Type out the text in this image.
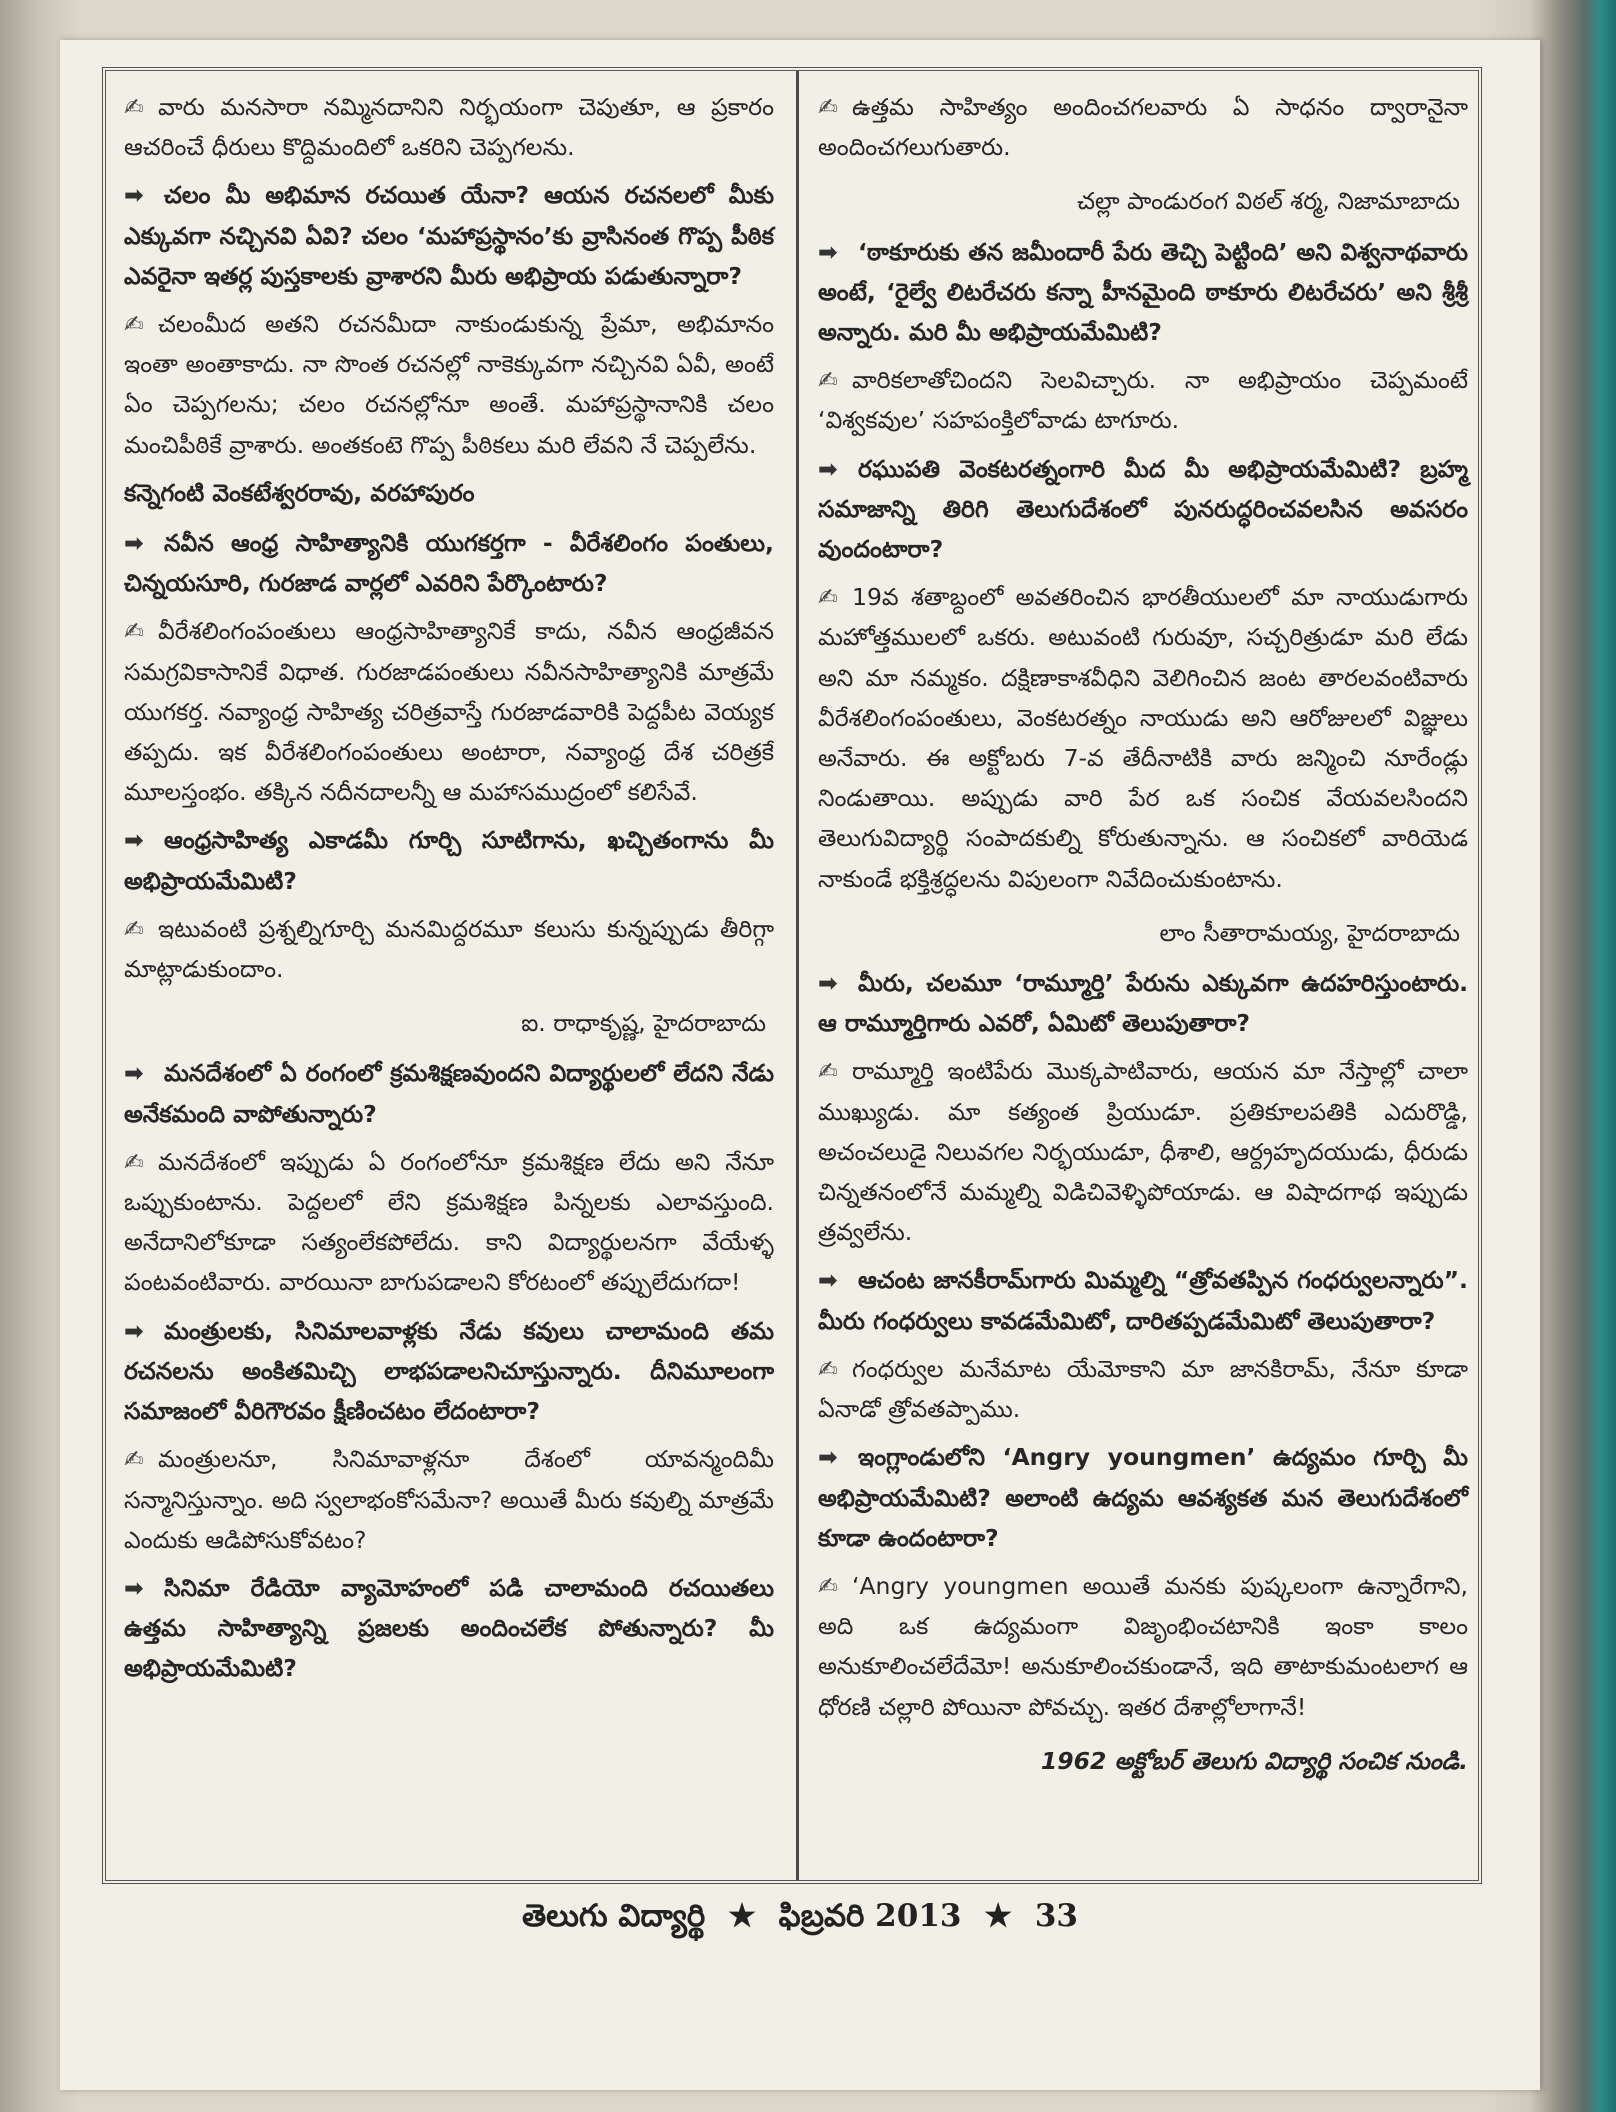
✍ వారు మనసారా నమ్మినదానిని నిర్భయంగా చెపుతూ, ఆ ప్రకారం ఆచరించే ధీరులు కొద్దిమందిలో ఒకరిని చెప్పగలను.
➡ చలం మీ అభిమాన రచయిత యేనా? ఆయన రచనలలో మీకు ఎక్కువగా నచ్చినవి ఏవి? చలం ‘మహాప్రస్థానం’కు వ్రాసినంత గొప్ప పీఠిక ఎవరైనా ఇతర్ల పుస్తకాలకు వ్రాశారని మీరు అభిప్రాయ పడుతున్నారా?
✍ చలంమీద అతని రచనమీదా నాకుండుకున్న ప్రేమా, అభిమానం ఇంతా అంతాకాదు. నా సొంత రచనల్లో నాకెక్కువగా నచ్చినవి ఏవీ, అంటే ఏం చెప్పగలను; చలం రచనల్లోనూ అంతే. మహాప్రస్థానానికి చలం మంచిపీఠికే వ్రాశారు. అంతకంటె గొప్ప పీఠికలు మరి లేవని నే చెప్పలేను.
కన్నెగంటి వెంకటేశ్వరరావు, వరహాపురం
➡ నవీన ఆంధ్ర సాహిత్యానికి యుగకర్తగా - వీరేశలింగం పంతులు, చిన్నయసూరి, గురజాడ వార్లలో ఎవరిని పేర్కొంటారు?
✍ వీరేశలింగంపంతులు ఆంధ్రసాహిత్యానికే కాదు, నవీన ఆంధ్రజీవన సమగ్రవికాసానికే విధాత. గురజాడపంతులు నవీనసాహిత్యానికి మాత్రమే యుగకర్త. నవ్యాంధ్ర సాహిత్య చరిత్రవాస్తే గురజాడవారికి పెద్దపీట వెయ్యక తప్పదు. ఇక వీరేశలింగంపంతులు అంటారా, నవ్యాంధ్ర దేశ చరిత్రకే మూలస్తంభం. తక్కిన నదీనదాలన్నీ ఆ మహాసముద్రంలో కలిసేవే.
➡ ఆంధ్రసాహిత్య ఎకాడమీ గూర్చి సూటిగాను, ఖచ్చితంగాను మీ అభిప్రాయమేమిటి?
✍ ఇటువంటి ప్రశ్నల్నిగూర్చి మనమిద్దరమూ కలుసు కున్నప్పుడు తీరిగ్గా మాట్లాడుకుందాం.
ఐ. రాధాకృష్ణ, హైదరాబాదు
➡ మనదేశంలో ఏ రంగంలో క్రమశిక్షణవుందని విద్యార్థులలో లేదని నేడు అనేకమంది వాపోతున్నారు?
✍ మనదేశంలో ఇప్పుడు ఏ రంగంలోనూ క్రమశిక్షణ లేదు అని నేనూ ఒప్పుకుంటాను. పెద్దలలో లేని క్రమశిక్షణ పిన్నలకు ఎలావస్తుంది. అనేదానిలోకూడా సత్యంలేకపోలేదు. కాని విద్యార్థులనగా వేయేళ్ళ పంటవంటివారు. వారయినా బాగుపడాలని కోరటంలో తప్పులేదుగదా!
➡ మంత్రులకు, సినిమాలవాళ్లకు నేడు కవులు చాలామంది తమ రచనలను అంకితమిచ్చి లాభపడాలనిచూస్తున్నారు. దీనిమూలంగా సమాజంలో వీరిగౌరవం క్షీణించటం లేదంటారా?
✍ మంత్రులనూ, సినిమావాళ్లనూ దేశంలో యావన్మందిమీ సన్మానిస్తున్నాం. అది స్వలాభంకోసమేనా? అయితే మీరు కవుల్ని మాత్రమే ఎందుకు ఆడిపోసుకోవటం?
➡ సినిమా రేడియో వ్యామోహంలో పడి చాలామంది రచయితలు ఉత్తమ సాహిత్యాన్ని ప్రజలకు అందించలేక పోతున్నారు? మీ అభిప్రాయమేమిటి?
✍ ఉత్తమ సాహిత్యం అందించగలవారు ఏ సాధనం ద్వారానైనా అందించగలుగుతారు.
చల్లా పాండురంగ విఠల్ శర్మ, నిజామాబాదు
➡ ‘ఠాకూరుకు తన జమీందారీ పేరు తెచ్చి పెట్టింది’ అని విశ్వనాథవారు అంటే, ‘రైల్వే లిటరేచరు కన్నా హీనమైంది ఠాకూరు లిటరేచరు’ అని శ్రీశ్రీ అన్నారు. మరి మీ అభిప్రాయమేమిటి?
✍ వారికలాతోచిందని సెలవిచ్చారు. నా అభిప్రాయం చెప్పమంటే ‘విశ్వకవుల’ సహపంక్తిలోవాడు టాగూరు.
➡ రఘుపతి వెంకటరత్నంగారి మీద మీ అభిప్రాయమేమిటి? బ్రహ్మ సమాజాన్ని తిరిగి తెలుగుదేశంలో పునరుద్ధరించవలసిన అవసరం వుందంటారా?
✍ 19వ శతాబ్దంలో అవతరించిన భారతీయులలో మా నాయుడుగారు మహోత్తములలో ఒకరు. అటువంటి గురువూ, సచ్చరిత్రుడూ మరి లేడు అని మా నమ్మకం. దక్షిణాకాశవీధిని వెలిగించిన జంట తారలవంటివారు వీరేశలింగంపంతులు, వెంకటరత్నం నాయుడు అని ఆరోజులలో విజ్ఞులు అనేవారు. ఈ అక్టోబరు 7-వ తేదీనాటికి వారు జన్మించి నూరేండ్లు నిండుతాయి. అప్పుడు వారి పేర ఒక సంచిక వేయవలసిందని తెలుగువిద్యార్థి సంపాదకుల్ని కోరుతున్నాను. ఆ సంచికలో వారియెడ నాకుండే భక్తిశ్రద్ధలను విపులంగా నివేదించుకుంటాను.
లాం సీతారామయ్య, హైదరాబాదు
➡ మీరు, చలమూ ‘రామ్మూర్తి’ పేరును ఎక్కువగా ఉదహరిస్తుంటారు. ఆ రామ్మూర్తిగారు ఎవరో, ఏమిటో తెలుపుతారా?
✍ రామ్మూర్తి ఇంటిపేరు మొక్కపాటివారు, ఆయన మా నేస్తాల్లో చాలా ముఖ్యుడు. మా కత్యంత ప్రియుడూ. ప్రతికూలపతికి ఎదురొడ్డి, అచంచలుడై నిలువగల నిర్భయుడూ, ధీశాలి, ఆర్ద్రహృదయుడు, ధీరుడు చిన్నతనంలోనే మమ్మల్ని విడిచివెళ్ళిపోయాడు. ఆ విషాదగాథ ఇప్పుడు త్రవ్వలేను.
➡ ఆచంట జానకీరామ్‌గారు మిమ్మల్ని “త్రోవతప్పిన గంధర్వులన్నారు”. మీరు గంధర్వులు కావడమేమిటో, దారితప్పడమేమిటో తెలుపుతారా?
✍ గంధర్వుల మనేమాట యేమోకాని మా జానకిరామ్, నేనూ కూడా ఏనాడో త్రోవతప్పాము.
➡ ఇంగ్లాండులోని ‘Angry youngmen’ ఉద్యమం గూర్చి మీ అభిప్రాయమేమిటి? అలాంటి ఉద్యమ ఆవశ్యకత మన తెలుగుదేశంలో కూడా ఉందంటారా?
✍ ‘Angry youngmen అయితే మనకు పుష్కలంగా ఉన్నారేగాని, అది ఒక ఉద్యమంగా విజృంభించటానికి ఇంకా కాలం అనుకూలించలేదేమో! అనుకూలించకుండానే, ఇది తాటాకుమంటలాగ ఆ ధోరణి చల్లారి పోయినా పోవచ్చు. ఇతర దేశాల్లోలాగానే!
1962 అక్టోబర్ తెలుగు విద్యార్థి సంచిక నుండి.
తెలుగు విద్యార్థి ★ ఫిబ్రవరి 2013 ★ 33
